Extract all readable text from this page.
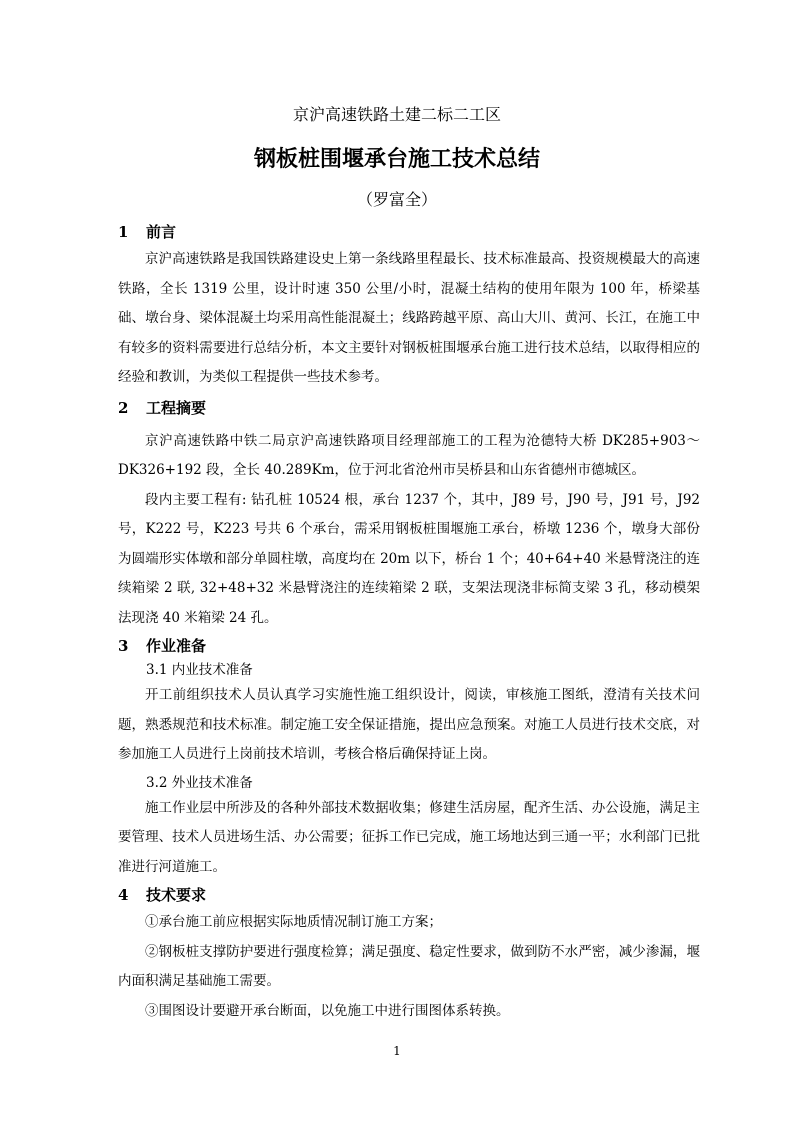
京沪高速铁路土建二标二工区
钢板桩围堰承台施工技术总结
（罗富全）
1 前言

京沪高速铁路是我国铁路建设史上第一条线路里程最长、技术标准最高、投资规模最大的高速铁路，全长 1319 公里，设计时速 350 公里/小时，混凝土结构的使用年限为 100 年，桥梁基础、墩台身、梁体混凝土均采用高性能混凝土；线路跨越平原、高山大川、黄河、长江，在施工中有较多的资料需要进行总结分析，本文主要针对钢板桩围堰承台施工进行技术总结，以取得相应的经验和教训，为类似工程提供一些技术参考。

2 工程摘要

京沪高速铁路中铁二局京沪高速铁路项目经理部施工的工程为沧德特大桥 DK285+903～DK326+192 段，全长 40.289Km，位于河北省沧州市吴桥县和山东省德州市德城区。

段内主要工程有: 钻孔桩 10524 根，承台 1237 个，其中，J89 号，J90 号，J91 号，J92 号，K222 号，K223 号共 6 个承台，需采用钢板桩围堰施工承台，桥墩 1236 个，墩身大部份为圆端形实体墩和部分单圆柱墩，高度均在 20m 以下，桥台 1 个；40+64+40 米悬臂浇注的连续箱梁 2 联, 32+48+32 米悬臂浇注的连续箱梁 2 联，支架法现浇非标简支梁 3 孔，移动模架法现浇 40 米箱梁 24 孔。

3 作业准备
3.1 内业技术准备

开工前组织技术人员认真学习实施性施工组织设计，阅读，审核施工图纸，澄清有关技术问题，熟悉规范和技术标准。制定施工安全保证措施，提出应急预案。对施工人员进行技术交底，对参加施工人员进行上岗前技术培训，考核合格后确保持证上岗。

3.2 外业技术准备

施工作业层中所涉及的各种外部技术数据收集；修建生活房屋，配齐生活、办公设施，满足主要管理、技术人员进场生活、办公需要；征拆工作已完成，施工场地达到三通一平；水利部门已批准进行河道施工。

4 技术要求

①承台施工前应根据实际地质情况制订施工方案；

②钢板桩支撑防护要进行强度检算；满足强度、稳定性要求，做到防不水严密，减少渗漏，堰内面积满足基础施工需要。

③围图设计要避开承台断面，以免施工中进行围图体系转换。

1
